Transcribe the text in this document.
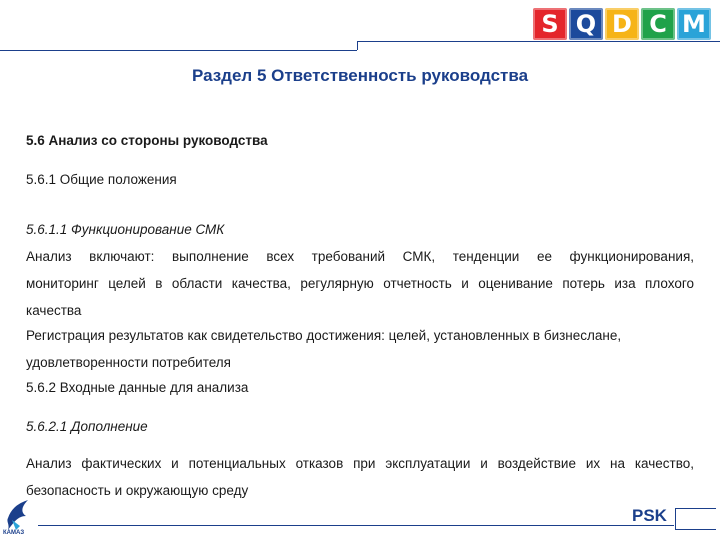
S Q D C M
Раздел 5 Ответственность руководства
5.6 Анализ со стороны руководства
5.6.1 Общие положения
5.6.1.1 Функционирование СМК
Анализ включают: выполнение всех требований СМК, тенденции ее функционирования,
мониторинг целей в области качества, регулярную отчетность и оценивание потерь иза плохого
качества
Регистрация результатов как свидетельство достижения: целей, установленных в бизнеслане,
удовлетворенности потребителя
5.6.2 Входные данные для анализа
5.6.2.1 Дополнение
Анализ фактических и потенциальных отказов при эксплуатации и воздействие их на качество,
безопасность и окружающую среду
КАМАЗ
PSK
